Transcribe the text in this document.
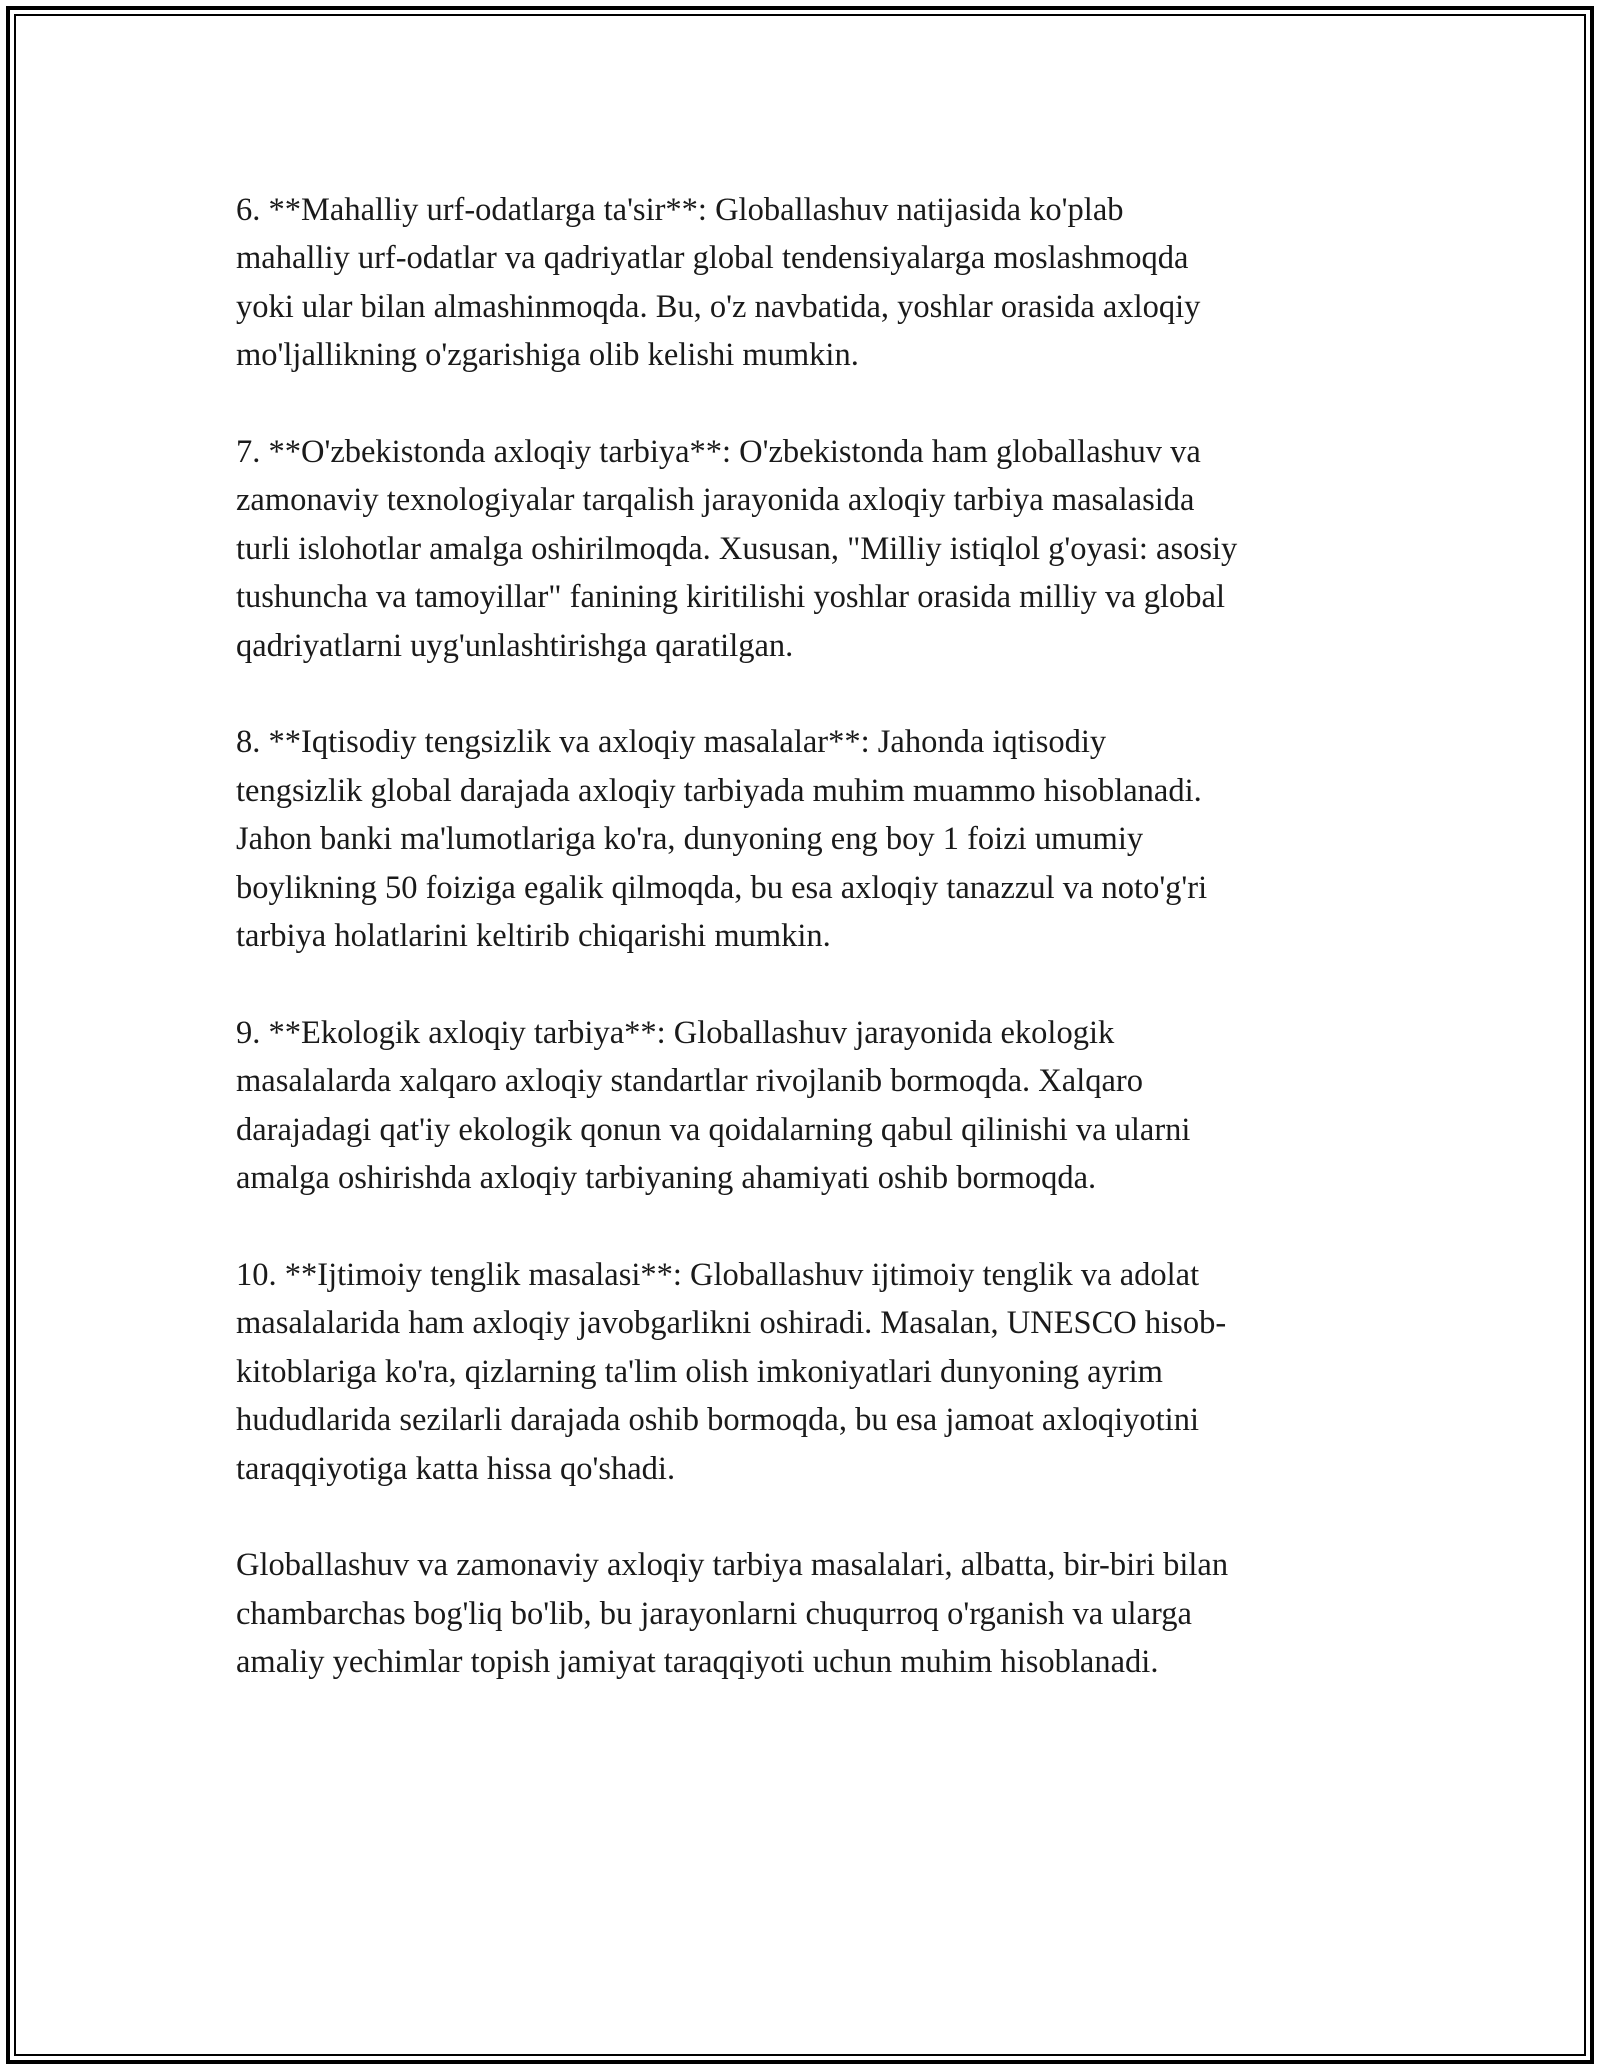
6. **Mahalliy urf-odatlarga ta'sir**: Globallashuv natijasida ko'plab
mahalliy urf-odatlar va qadriyatlar global tendensiyalarga moslashmoqda
yoki ular bilan almashinmoqda. Bu, o'z navbatida, yoshlar orasida axloqiy
mo'ljallikning o'zgarishiga olib kelishi mumkin.

7. **O'zbekistonda axloqiy tarbiya**: O'zbekistonda ham globallashuv va
zamonaviy texnologiyalar tarqalish jarayonida axloqiy tarbiya masalasida
turli islohotlar amalga oshirilmoqda. Xususan, "Milliy istiqlol g'oyasi: asosiy
tushuncha va tamoyillar" fanining kiritilishi yoshlar orasida milliy va global
qadriyatlarni uyg'unlashtirishga qaratilgan.

8. **Iqtisodiy tengsizlik va axloqiy masalalar**: Jahonda iqtisodiy
tengsizlik global darajada axloqiy tarbiyada muhim muammo hisoblanadi.
Jahon banki ma'lumotlariga ko'ra, dunyoning eng boy 1 foizi umumiy
boylikning 50 foiziga egalik qilmoqda, bu esa axloqiy tanazzul va noto'g'ri
tarbiya holatlarini keltirib chiqarishi mumkin.

9. **Ekologik axloqiy tarbiya**: Globallashuv jarayonida ekologik
masalalarda xalqaro axloqiy standartlar rivojlanib bormoqda. Xalqaro
darajadagi qat'iy ekologik qonun va qoidalarning qabul qilinishi va ularni
amalga oshirishda axloqiy tarbiyaning ahamiyati oshib bormoqda.

10. **Ijtimoiy tenglik masalasi**: Globallashuv ijtimoiy tenglik va adolat
masalalarida ham axloqiy javobgarlikni oshiradi. Masalan, UNESCO hisob-
kitoblariga ko'ra, qizlarning ta'lim olish imkoniyatlari dunyoning ayrim
hududlarida sezilarli darajada oshib bormoqda, bu esa jamoat axloqiyotini
taraqqiyotiga katta hissa qo'shadi.

Globallashuv va zamonaviy axloqiy tarbiya masalalari, albatta, bir-biri bilan
chambarchas bog'liq bo'lib, bu jarayonlarni chuqurroq o'rganish va ularga
amaliy yechimlar topish jamiyat taraqqiyoti uchun muhim hisoblanadi.
